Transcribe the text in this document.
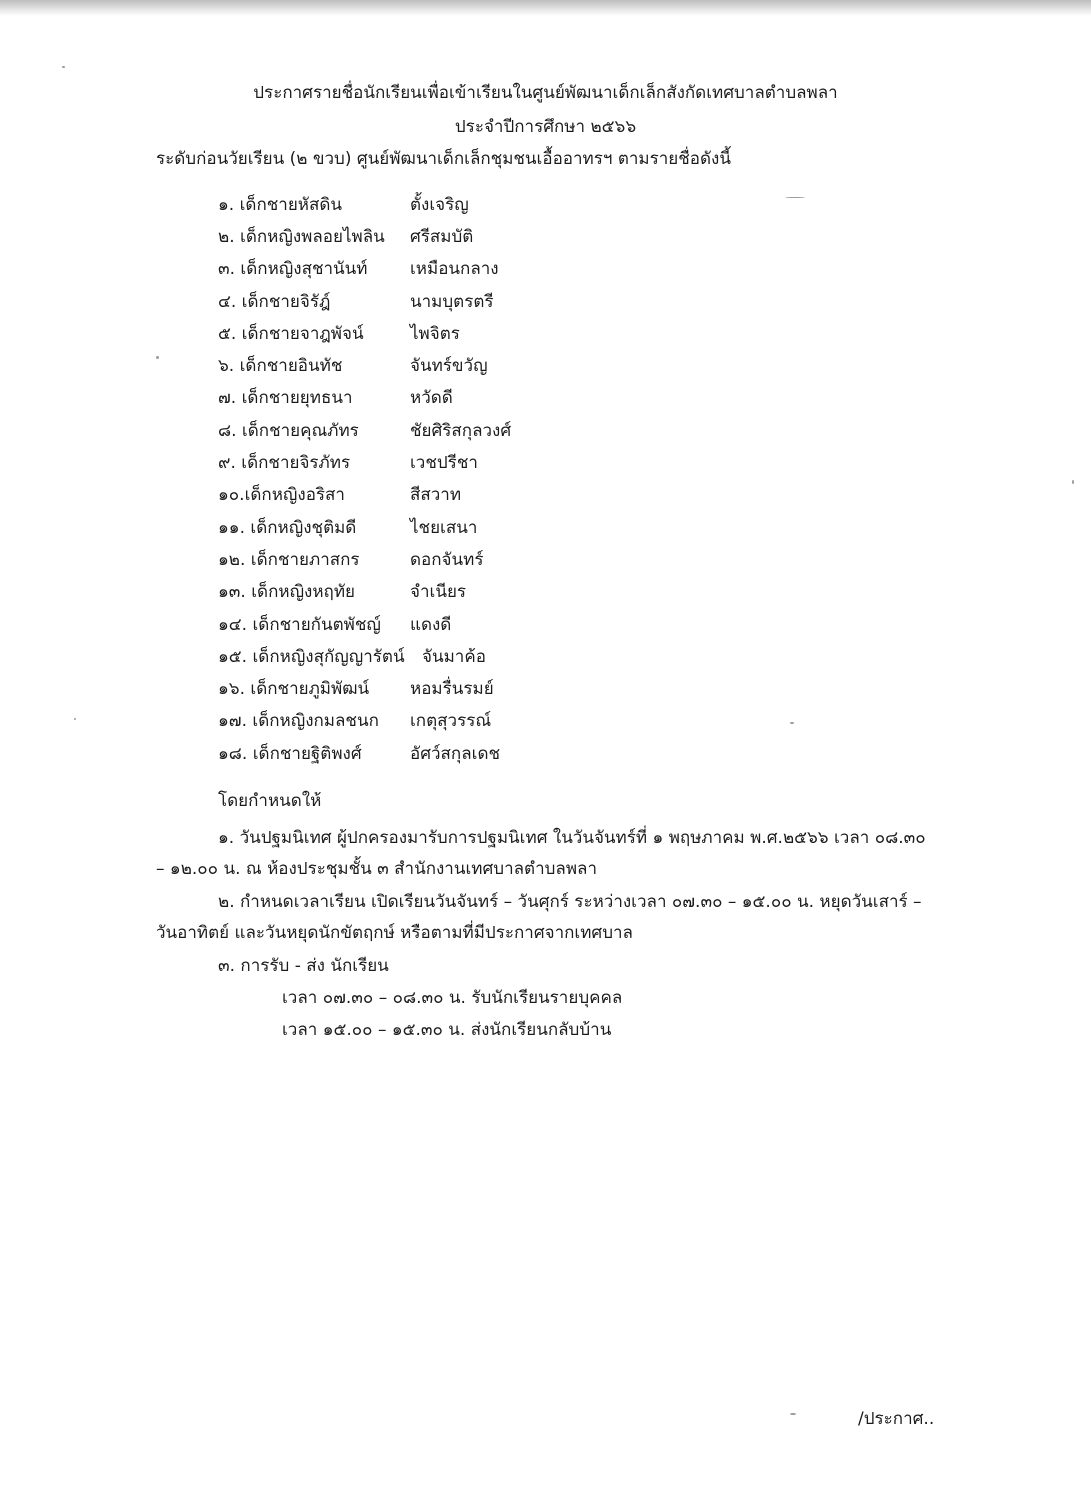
ประกาศรายชื่อนักเรียนเพื่อเข้าเรียนในศูนย์พัฒนาเด็กเล็กสังกัดเทศบาลตำบลพลา
ประจำปีการศึกษา ๒๕๖๖
ระดับก่อนวัยเรียน (๒ ขวบ) ศูนย์พัฒนาเด็กเล็กชุมชนเอื้ออาทรฯ ตามรายชื่อดังนี้
๑. เด็กชายหัสดิน	ตั้งเจริญ
๒. เด็กหญิงพลอยไพลิน ศรีสมบัติ
๓. เด็กหญิงสุชานันท์	เหมือนกลาง
๔. เด็กชายจิรัฎ์	นามบุตรตรี
๕. เด็กชายจาฎพัจน์	ไพจิตร
๖. เด็กชายอินทัช	จันทร์ขวัญ
๗. เด็กชายยุทธนา	หวัดดี
๘. เด็กชายคุณภัทร	ชัยศิริสกุลวงศ์
๙. เด็กชายจิรภัทร	เวชปรีชา
๑๐.เด็กหญิงอริสา	สีสวาท
๑๑. เด็กหญิงชุติมดี	ไชยเสนา
๑๒. เด็กชายภาสกร	ดอกจันทร์
๑๓. เด็กหญิงหฤทัย	จำเนียร
๑๔. เด็กชายกันตพัชญ์ แดงดี
๑๕. เด็กหญิงสุกัญญารัตน์ จันมาค้อ
๑๖. เด็กชายภูมิพัฒน์ หอมรื่นรมย์
๑๗. เด็กหญิงกมลชนก เกตุสุวรรณ์
๑๘. เด็กชายฐิติพงศ์	อัศว์สกุลเดช
โดยกำหนดให้
๑. วันปฐมนิเทศ ผู้ปกครองมารับการปฐมนิเทศ ในวันจันทร์ที่ ๑ พฤษภาคม พ.ศ.๒๕๖๖ เวลา ๐๘.๓๐
– ๑๒.๐๐ น. ณ ห้องประชุมชั้น ๓ สำนักงานเทศบาลตำบลพลา
๒. กำหนดเวลาเรียน เปิดเรียนวันจันทร์ – วันศุกร์ ระหว่างเวลา ๐๗.๓๐ – ๑๕.๐๐ น. หยุดวันเสาร์ –
วันอาทิตย์ และวันหยุดนักขัตฤกษ์ หรือตามที่มีประกาศจากเทศบาล
๓. การรับ - ส่ง นักเรียน
เวลา ๐๗.๓๐ – ๐๘.๓๐ น. รับนักเรียนรายบุคคล
เวลา ๑๕.๐๐ – ๑๕.๓๐ น. ส่งนักเรียนกลับบ้าน
/ประกาศ..
